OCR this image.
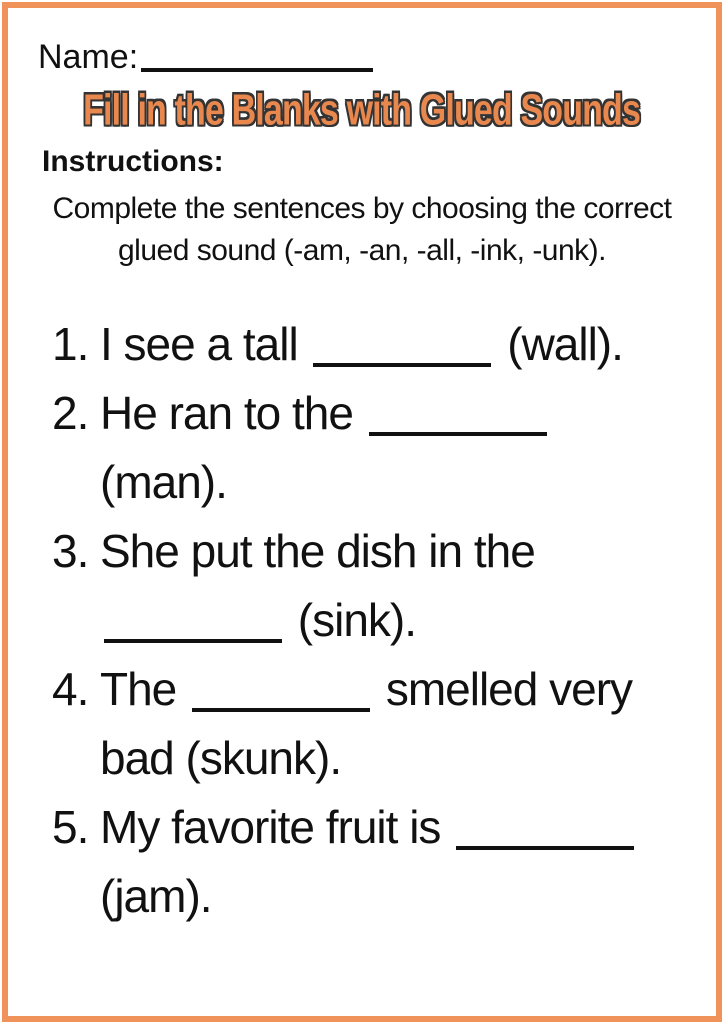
Name:
Fill in the Blanks with Glued Sounds
Instructions:

Complete the sentences by choosing the correct glued sound (-am, -an, -all, -ink, -unk).

1. I see a tall	(wall).
2. He ran to the
(man).
3. She put the dish in the
(sink).
4. The	smelled very
bad (skunk).
5. My favorite fruit is
(jam).
